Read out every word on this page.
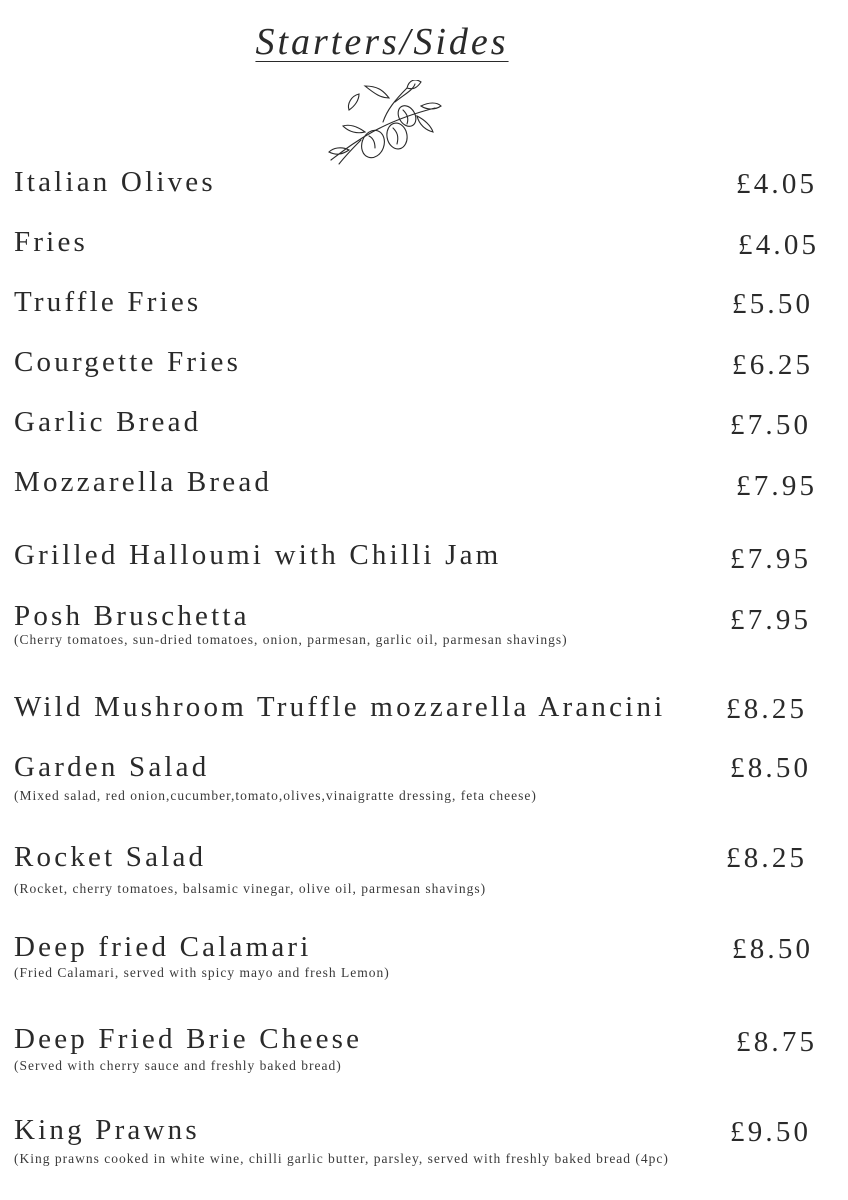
Starters/Sides
Italian Olives	£4.05
Fries	£4.05
Truffle Fries	£5.50
Courgette Fries	£6.25
Garlic Bread	£7.50
Mozzarella Bread	£7.95
Grilled Halloumi with Chilli Jam	£7.95
Posh Bruschetta	£7.95
(Cherry tomatoes, sun-dried tomatoes, onion, parmesan, garlic oil, parmesan shavings)
Wild Mushroom Truffle mozzarella Arancini £8.25
Garden Salad	£8.50
(Mixed salad, red onion,cucumber,tomato,olives,vinaigratte dressing, feta cheese)
Rocket Salad	£8.25
(Rocket, cherry tomatoes, balsamic vinegar, olive oil, parmesan shavings)
Deep fried Calamari	£8.50
(Fried Calamari, served with spicy mayo and fresh Lemon)
Deep Fried Brie Cheese	£8.75
(Served with cherry sauce and freshly baked bread)
King Prawns	£9.50
(King prawns cooked in white wine, chilli garlic butter, parsley, served with freshly baked bread (4pc)
